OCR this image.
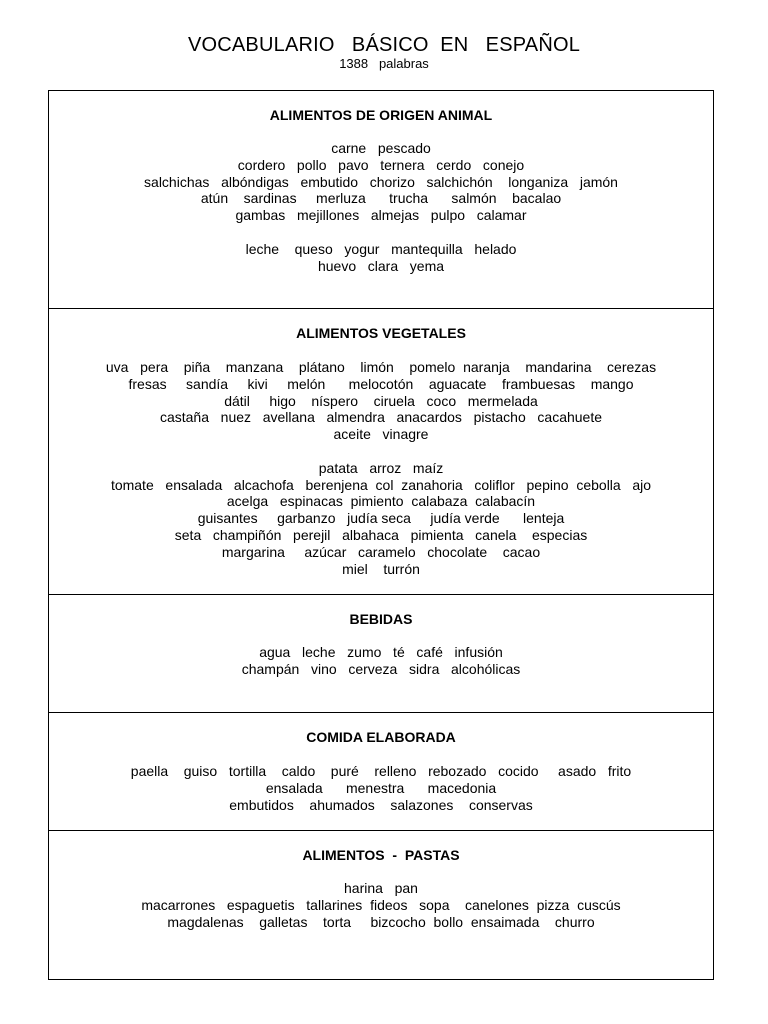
VOCABULARIO   BÁSICO  EN   ESPAÑOL
1388   palabras
ALIMENTOS DE ORIGEN ANIMAL
carne   pescado
cordero   pollo   pavo   ternera   cerdo   conejo
salchichas   albóndigas   embutido   chorizo   salchichón    longaniza   jamón
atún    sardinas     merluza      trucha      salmón    bacalao
gambas   mejillones   almejas   pulpo   calamar
leche    queso   yogur   mantequilla   helado
huevo   clara   yema
ALIMENTOS VEGETALES
uva   pera    piña    manzana    plátano    limón    pomelo  naranja    mandarina    cerezas
fresas     sandía     kivi     melón      melocotón    aguacate    frambuesas    mango
dátil     higo    níspero    ciruela   coco   mermelada
castaña   nuez   avellana   almendra   anacardos   pistacho   cacahuete
aceite   vinagre
patata   arroz   maíz
tomate   ensalada   alcachofa   berenjena  col  zanahoria   coliflor   pepino  cebolla   ajo
acelga   espinacas  pimiento  calabaza  calabacín
guisantes     garbanzo   judía seca     judía verde      lenteja
seta   champiñón   perejil   albahaca   pimienta   canela    especias
margarina     azúcar   caramelo   chocolate    cacao
miel    turrón
BEBIDAS
agua   leche   zumo   té   café   infusión
champán   vino   cerveza   sidra   alcohólicas
COMIDA ELABORADA
paella    guiso   tortilla    caldo    puré    relleno   rebozado   cocido     asado   frito
ensalada      menestra      macedonia
embutidos    ahumados    salazones    conservas
ALIMENTOS  -  PASTAS
harina   pan
macarrones   espaguetis   tallarines  fideos   sopa    canelones  pizza  cuscús
magdalenas    galletas    torta     bizcocho  bollo  ensaimada    churro
